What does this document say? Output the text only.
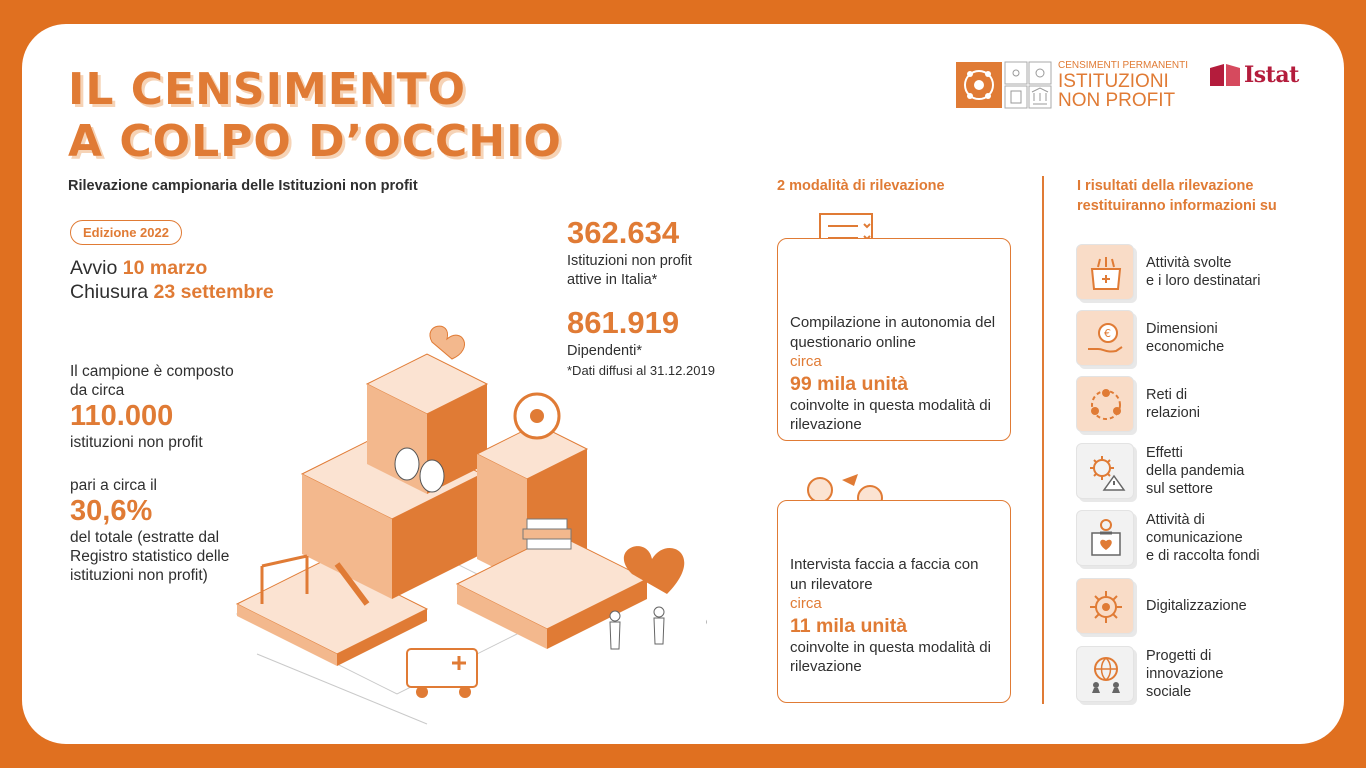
IL CENSIMENTO
A COLPO D’OCCHIO
Rilevazione campionaria delle Istituzioni non profit
CENSIMENTI PERMANENTI
ISTITUZIONI
NON PROFIT
Istat
Edizione 2022
Avvio 10 marzo
Chiusura 23 settembre
Il campione è composto da circa
110.000
istituzioni non profit
pari a circa il
30,6%
del totale (estratte dal Registro statistico delle istituzioni non profit)
362.634
Istituzioni non profit attive in Italia*
861.919
Dipendenti*
*Dati diffusi al 31.12.2019
2 modalità di rilevazione
Compilazione in autonomia del questionario online
circa
99 mila unità
coinvolte in questa modalità di rilevazione
Intervista faccia a faccia con un rilevatore
circa
11 mila unità
coinvolte in questa modalità di rilevazione
I risultati della rilevazione restituiranno informazioni su
Attività svolte
e i loro destinatari
€ Dimensioni
economiche
Reti di
relazioni
Effetti
della pandemia
sul settore
Attività di
comunicazione
e di raccolta fondi
Digitalizzazione
Progetti di
innovazione
sociale
